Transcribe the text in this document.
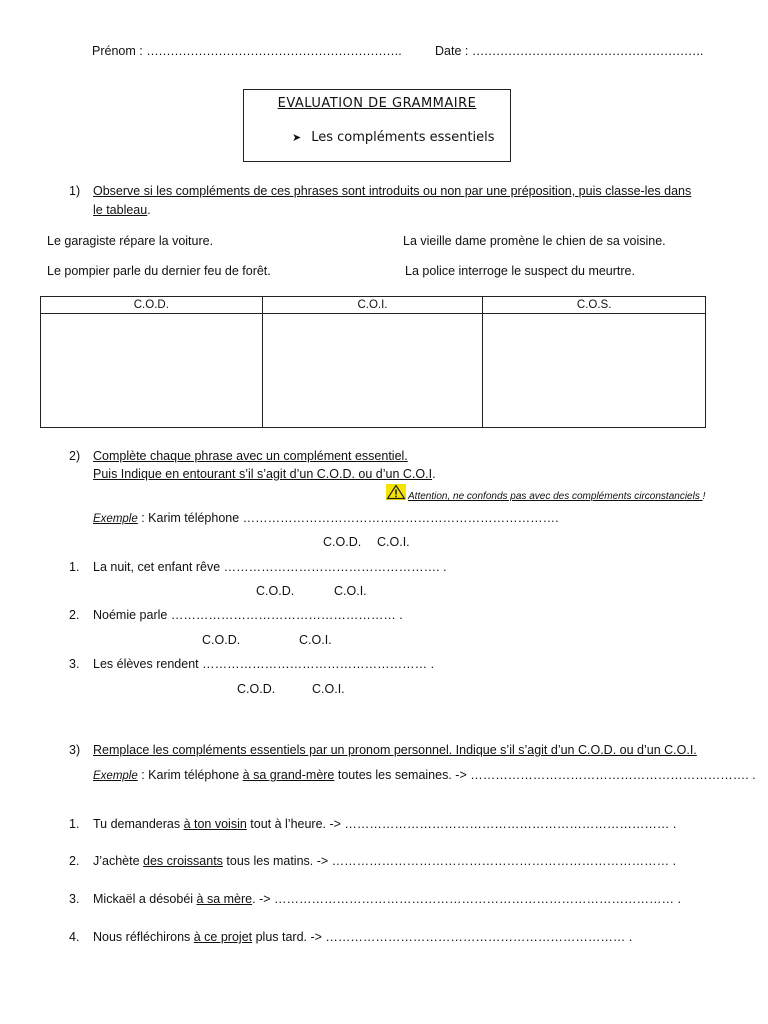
Prénom : ……………………………………………………….	Date : ………………………………………………….
EVALUATION DE GRAMMAIRE
➤ Les compléments essentiels
1) Observe si les compléments de ces phrases sont introduits ou non par une préposition, puis classe-les dans
le tableau.
Le garagiste répare la voiture.	La vieille dame promène le chien de sa voisine.
Le pompier parle du dernier feu de forêt.	La police interroge le suspect du meurtre.
C.O.D.	C.O.I.	C.O.S.

2) Complète chaque phrase avec un complément essentiel.
Puis Indique en entourant s’il s’agit d’un C.O.D. ou d’un C.O.I.
Attention, ne confonds pas avec des compléments circonstanciels !
Exemple : Karim téléphone ………………………………………………………………….
C.O.D. C.O.I.
1. La nuit, cet enfant rêve ……………………………………………. .
C.O.D.	C.O.I.
2. Noémie parle ……………………………………………… .
C.O.D.	C.O.I.
3. Les élèves rendent ……………………………………………… .
C.O.D.	C.O.I.
3) Remplace les compléments essentiels par un pronom personnel. Indique s’il s’agit d’un C.O.D. ou d’un C.O.I.
Exemple : Karim téléphone à sa grand-mère toutes les semaines. -> …………………………………………………………. .
1. Tu demanderas à ton voisin tout à l’heure. -> …………………………………………………………………… .
2. J’achète des croissants tous les matins. -> ……………………………………………………………………… .
3. Mickaël a désobéi à sa mère. -> …………………………………………………………………………………… .
4. Nous réfléchirons à ce projet plus tard. -> ……………………………………………………………… .
